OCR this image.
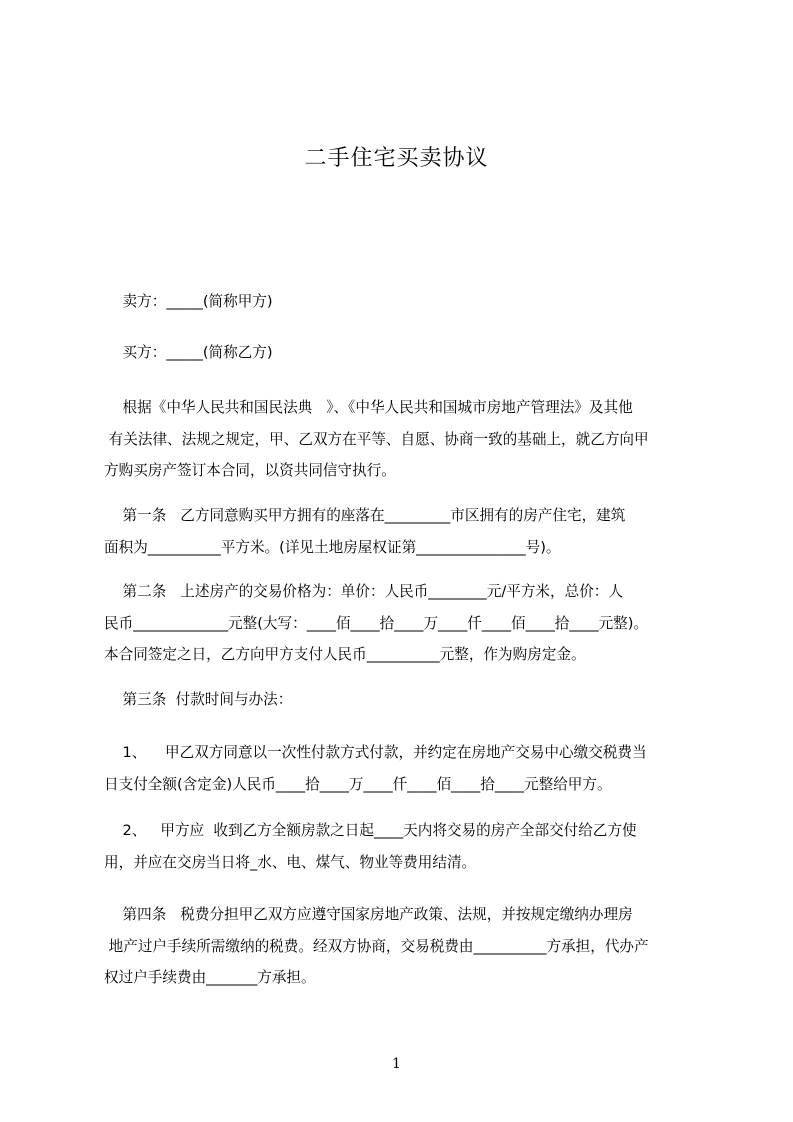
二手住宅买卖协议
卖方：_____(简称甲方)
买方：_____(简称乙方)
根据《中华人民共和国民法典   》、《中华人民共和国城市房地产管理法》及其他
有关法律、法规之规定，甲、乙双方在平等、自愿、协商一致的基础上，就乙方向甲
方购买房产签订本合同，以资共同信守执行。
第一条   乙方同意购买甲方拥有的座落在_________市区拥有的房产住宅，建筑
面积为__________平方米。(详见土地房屋权证第_______________号)。
第二条   上述房产的交易价格为：单价：人民币________元/平方米，总价：人
民币_____________元整(大写：____佰____拾____万____仟____佰____拾____元整)。
本合同签定之日，乙方向甲方支付人民币__________元整，作为购房定金。
第三条  付款时间与办法：
1、    甲乙双方同意以一次性付款方式付款，并约定在房地产交易中心缴交税费当
日支付全额(含定金)人民币____拾____万____仟____佰____拾____元整给甲方。
2、   甲方应  收到乙方全额房款之日起____天内将交易的房产全部交付给乙方使
用，并应在交房当日将_水、电、煤气、物业等费用结清。
第四条   税费分担甲乙双方应遵守国家房地产政策、法规，并按规定缴纳办理房
地产过户手续所需缴纳的税费。经双方协商，交易税费由__________方承担，代办产
权过户手续费由_______方承担。
1
